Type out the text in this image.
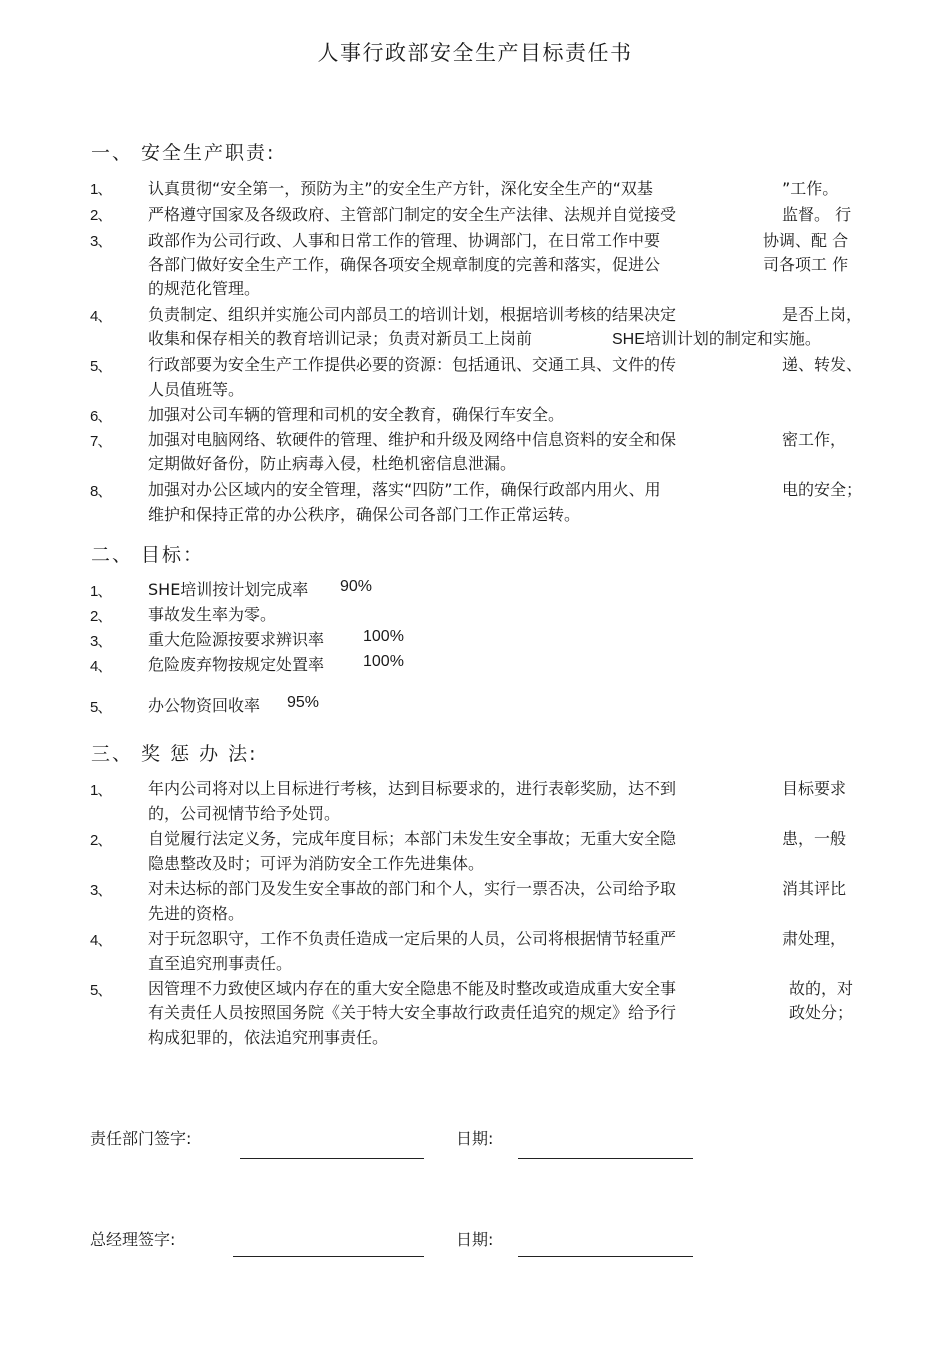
人事行政部安全生产目标责任书
一、 安全生产职责:
1、 认真贯彻“安全第一，预防为主”的安全生产方针，深化安全生产的“双基	”工作。
2、 严格遵守国家及各级政府、主管部门制定的安全生产法律、法规并自觉接受	监督。 行
3、 政部作为公司行政、人事和日常工作的管理、协调部门，在日常工作中要	协调、配 合
各部门做好安全生产工作，确保各项安全规章制度的完善和落实，促进公	司各项工 作
的规范化管理。
4、 负责制定、组织并实施公司内部员工的培训计划，根据培训考核的结果决定	是否上岗，
收集和保存相关的教育培训记录；负责对新员工上岗前	SHE培训计划的制定和实施。
5、 行政部要为安全生产工作提供必要的资源：包括通讯、交通工具、文件的传	递、转发、
人员值班等。
6、 加强对公司车辆的管理和司机的安全教育，确保行车安全。
7、 加强对电脑网络、软硬件的管理、维护和升级及网络中信息资料的安全和保	密工作，
定期做好备份，防止病毒入侵，杜绝机密信息泄漏。
8、 加强对办公区域内的安全管理，落实“四防”工作，确保行政部内用火、用	电的安全；
维护和保持正常的办公秩序，确保公司各部门工作正常运转。
二、 目标：
1、 SHE培训按计划完成率 90%
2、 事故发生率为零。
3、 重大危险源按要求辨识率 100%
4、 危险废弃物按规定处置率 100%
5、 办公物资回收率 95%
三、 奖 惩 办 法:
1、 年内公司将对以上目标进行考核，达到目标要求的，进行表彰奖励，达不到	目标要求
的，公司视情节给予处罚。
2、 自觉履行法定义务，完成年度目标；本部门未发生安全事故；无重大安全隐	患，一般
隐患整改及时；可评为消防安全工作先进集体。
3、 对未达标的部门及发生安全事故的部门和个人，实行一票否决，公司给予取	消其评比
先进的资格。
4、 对于玩忽职守，工作不负责任造成一定后果的人员，公司将根据情节轻重严	肃处理，
直至追究刑事责任。
5、 因管理不力致使区域内存在的重大安全隐患不能及时整改或造成重大安全事	故的，对
有关责任人员按照国务院《关于特大安全事故行政责任追究的规定》给予行	政处分；
构成犯罪的，依法追究刑事责任。
责任部门签字:	日期:
总经理签字:	日期:
